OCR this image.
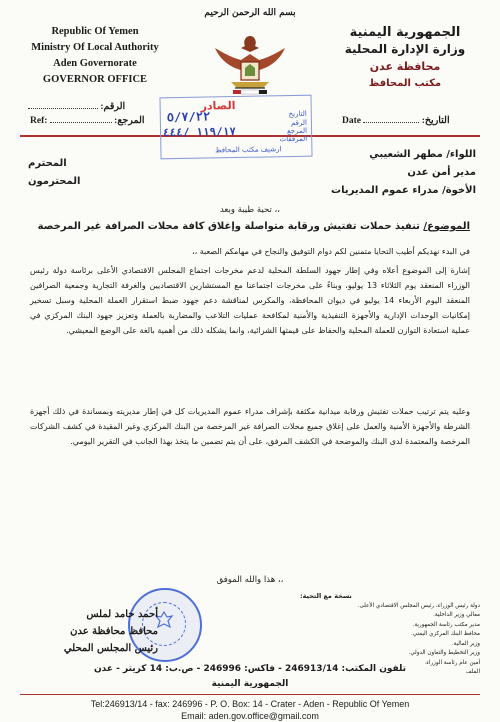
بسم الله الرحمن الرحيم
Republic Of Yemen
Ministry Of Local Authority
Aden Governorate
GOVERNOR OFFICE
الجمهورية اليمنية
وزارة الإدارة المحلية
محافظة عدن
مكتب المحافظ
:الرقم
Ref:	:المرجع	Date	:التاريخ
الصادر
التاريخ
الرقم
المرجع
المرفقات
ارشيف مكتب المحافظ
٥/٧/٢٢
١١٩/١٧ /٤٤٤
اللواء/ مطهر الشعيبي
مدير أمن عدن
الأخوة/ مدراء عموم المديريات
المحترم
المحترمون
تحية طيبة وبعد ،،
الموضوع/ تنفيذ حملات تفتيش ورقابة متواصلة وإغلاق كافة محلات الصرافة غير المرخصة
في البدء نهديكم أطيب التحايا متمنين لكم دوام التوفيق والنجاح في مهامكم الصعبة ،،
إشارة إلى الموضوع أعلاه وفي إطار جهود السلطة المحلية لدعم مخرجات اجتماع المجلس الاقتصادي الأعلى برئاسة دولة رئيس الوزراء المنعقد يوم الثلاثاء 13 يوليو، وبناءً على مخرجات اجتماعنا مع المستشارين الاقتصاديين والغرفة التجارية وجمعية الصرافين المنعقد اليوم الأربعاء 14 يوليو في ديوان المحافظة، والمكرس لمناقشة دعم جهود ضبط استقرار العملة المحلية وسبل تسخير إمكانيات الوحدات الإدارية والأجهزة التنفيذية والأمنية لمكافحة عمليات التلاعب والمضاربة بالعملة وتعزيز جهود البنك المركزي في عملية استعادة التوازن للعملة المحلية والحفاظ على قيمتها الشرائية، وانما يشكله ذلك من أهمية بالغة على الوضع المعيشي.
وعليه يتم ترتيب حملات تفتيش ورقابة ميدانية مكثفة بإشراف مدراء عموم المديريات كل في إطار مديريته وبمساندة في ذلك أجهزة الشرطة والأجهزة الأمنية والعمل على إغلاق جميع محلات الصرافة غير المرخصة من البنك المركزي وغير المقيدة في كشف الشركات المرخصة والمعتمدة لدى البنك والموضحة في الكشف المرفق، على أن يتم تضمين ما يتخذ بهذا الجانب في التقرير اليومي.
هذا والله الموفق ،،
أحمد حامد لملس
محافظ محافظة عدن
رئيس المجلس المحلي
نسخة مع التحية:
دولة رئيس الوزراء، رئيس المجلس الاقتصادي الأعلى.
معالي وزير الداخلية.
مدير مكتب رئاسة الجمهورية.
محافظ البنك المركزي اليمني.
وزير المالية.
وزير التخطيط والتعاون الدولي.
أمين عام رئاسة الوزراء.
الملف
تلفون المكتب: 246913/14 - فاكس: 246996 - ص.ب: 14 كريتر - عدن
الجمهورية اليمنية
Tel:246913/14 - fax: 246996 - P. O. Box: 14 - Crater - Aden - Republic Of Yemen
Email: aden.gov.office@gmail.com
